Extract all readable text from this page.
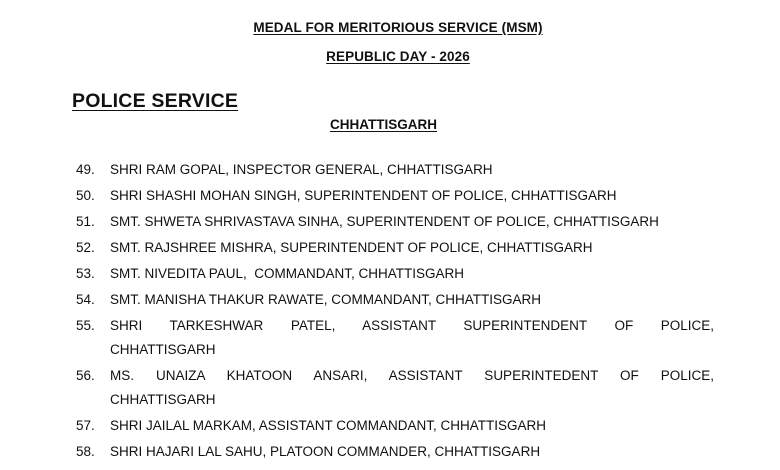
MEDAL FOR MERITORIOUS SERVICE (MSM)
REPUBLIC DAY - 2026
POLICE SERVICE
CHHATTISGARH
49.	SHRI RAM GOPAL, INSPECTOR GENERAL, CHHATTISGARH
50.	SHRI SHASHI MOHAN SINGH, SUPERINTENDENT OF POLICE, CHHATTISGARH
51.	SMT. SHWETA SHRIVASTAVA SINHA, SUPERINTENDENT OF POLICE, CHHATTISGARH
52.	SMT. RAJSHREE MISHRA, SUPERINTENDENT OF POLICE, CHHATTISGARH
53.	SMT. NIVEDITA PAUL,  COMMANDANT, CHHATTISGARH
54.	SMT. MANISHA THAKUR RAWATE, COMMANDANT, CHHATTISGARH
55.	SHRI TARKESHWAR PATEL, ASSISTANT SUPERINTENDENT OF POLICE,
CHHATTISGARH
56.	MS. UNAIZA KHATOON ANSARI, ASSISTANT SUPERINTEDENT OF POLICE,
CHHATTISGARH
57.	SHRI JAILAL MARKAM, ASSISTANT COMMANDANT, CHHATTISGARH
58.	SHRI HAJARI LAL SAHU, PLATOON COMMANDER, CHHATTISGARH
